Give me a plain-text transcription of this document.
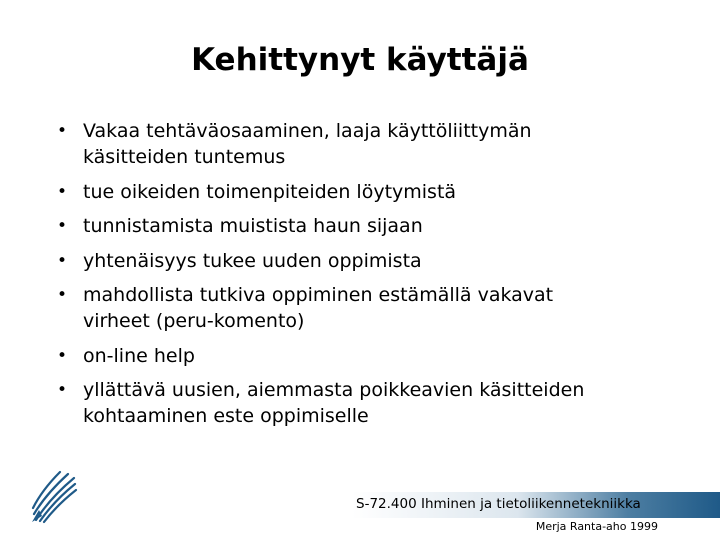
Kehittynyt käyttäjä
• Vakaa tehtäväosaaminen, laaja käyttöliittymän
käsitteiden tuntemus
• tue oikeiden toimenpiteiden löytymistä
• tunnistamista muistista haun sijaan
• yhtenäisyys tukee uuden oppimista
• mahdollista tutkiva oppiminen estämällä vakavat
virheet (peru-komento)
• on-line help
• yllättävä uusien, aiemmasta poikkeavien käsitteiden
kohtaaminen este oppimiselle
S-72.400 Ihminen ja tietoliikennetekniikka
Merja Ranta-aho 1999
